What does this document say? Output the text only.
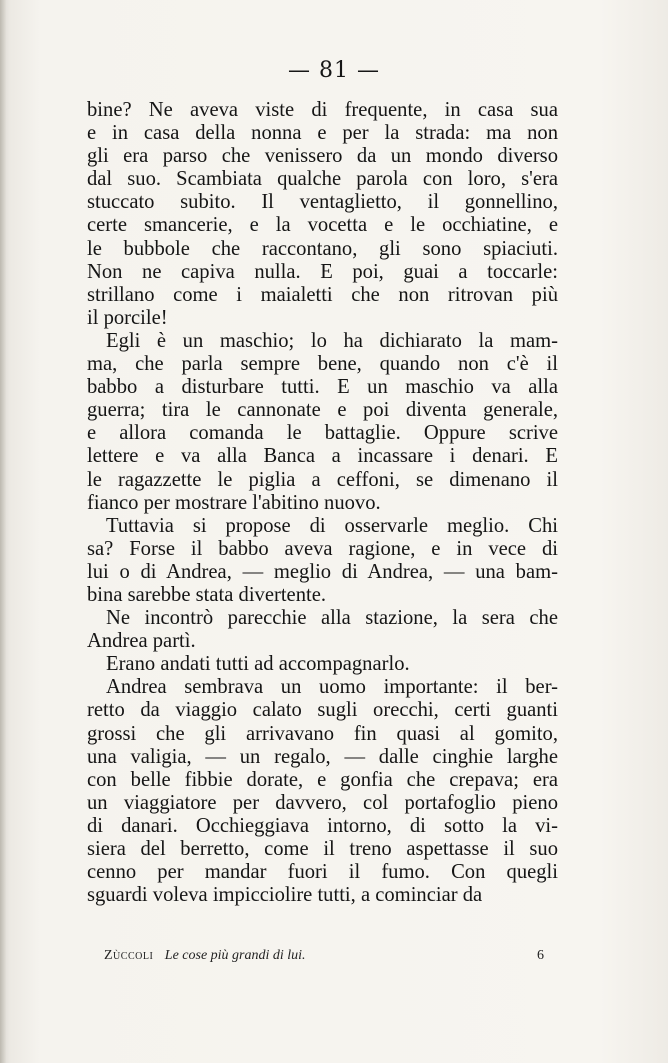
— 81 —

bine? Ne aveva viste di frequente, in casa sua

e in casa della nonna e per la strada: ma non

gli era parso che venissero da un mondo diverso

dal suo. Scambiata qualche parola con loro, s'era

stuccato subito. Il ventaglietto, il gonnellino,

certe smancerie, e la vocetta e le occhiatine, e

le bubbole che raccontano, gli sono spiaciuti.

Non ne capiva nulla. E poi, guai a toccarle:

strillano come i maialetti che non ritrovan più

il porcile!

Egli è un maschio; lo ha dichiarato la mam-

ma, che parla sempre bene, quando non c'è il

babbo a disturbare tutti. E un maschio va alla

guerra; tira le cannonate e poi diventa generale,

e allora comanda le battaglie. Oppure scrive

lettere e va alla Banca a incassare i denari. E

le ragazzette le piglia a ceffoni, se dimenano il

fianco per mostrare l'abitino nuovo.

Tuttavia si propose di osservarle meglio. Chi

sa? Forse il babbo aveva ragione, e in vece di

lui o di Andrea, — meglio di Andrea, — una bam-

bina sarebbe stata divertente.

Ne incontrò parecchie alla stazione, la sera che

Andrea partì.

Erano andati tutti ad accompagnarlo.

Andrea sembrava un uomo importante: il ber-

retto da viaggio calato sugli orecchi, certi guanti

grossi che gli arrivavano fin quasi al gomito,

una valigia, — un regalo, — dalle cinghie larghe

con belle fibbie dorate, e gonfia che crepava; era

un viaggiatore per davvero, col portafoglio pieno

di danari. Occhieggiava intorno, di sotto la vi-

siera del berretto, come il treno aspettasse il suo

cenno per mandar fuori il fumo. Con quegli

sguardi voleva impicciolire tutti, a cominciar da

Zùccoli Le cose più grandi di lui.	6
